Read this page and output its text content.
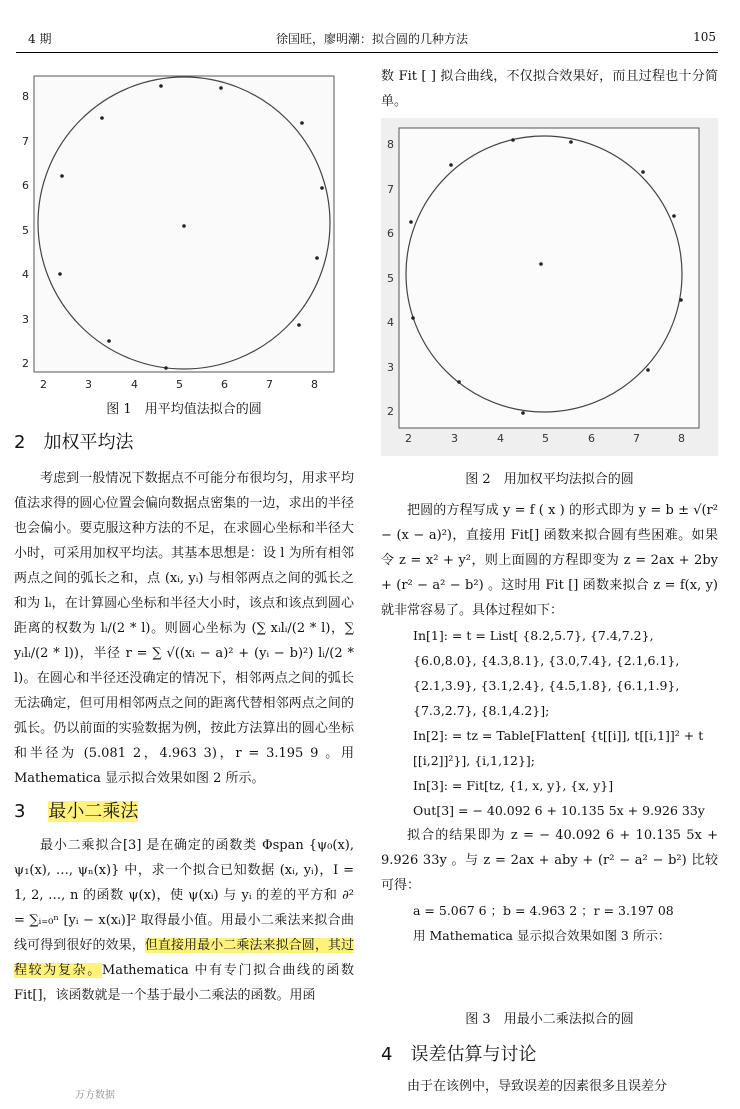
4 期	徐国旺，廖明潮：拟合圆的几种方法	105
8
7
6
5
4
3
2
2	3	4	5	6	7	8
图 1　用平均值法拟合的圆

2　加权平均法

考虑到一般情况下数据点不可能分布很均匀，用求平均值法求得的圆心位置会偏向数据点密集的一边，求出的半径也会偏小。要克服这种方法的不足，在求圆心坐标和半径大小时，可采用加权平均法。其基本思想是：设 l 为所有相邻两点之间的弧长之和，点 (xᵢ, yᵢ) 与相邻两点之间的弧长之和为 lᵢ，在计算圆心坐标和半径大小时，该点和该点到圆心距离的权数为 lᵢ/(2 * l)。则圆心坐标为 (∑ xᵢlᵢ/(2 * l)，∑ yᵢlᵢ/(2 * l))，半径 r = ∑ √((xᵢ − a)² + (yᵢ − b)²) lᵢ/(2 * l)。在圆心和半径还没确定的情况下，相邻两点之间的弧长无法确定，但可用相邻两点之间的距离代替相邻两点之间的弧长。仍以前面的实验数据为例，按此方法算出的圆心坐标和半径为 (5.081 2，4.963 3)，r = 3.195 9 。用 Mathematica 显示拟合效果如图 2 所示。

3 最小二乘法

最小二乘拟合[3] 是在确定的函数类 Φspan {ψ₀(x), ψ₁(x), …, ψₙ(x)} 中，求一个拟合已知数据 (xᵢ, yᵢ)，I = 1, 2, …, n 的函数 ψ(x)，使 ψ(xᵢ) 与 yᵢ 的差的平方和 ∂² = ∑ᵢ₌₀ⁿ [yᵢ − x(xᵢ)]² 取得最小值。用最小二乘法来拟合曲线可得到很好的效果，但直接用最小二乘法来拟合圆，其过程较为复杂。Mathematica 中有专门拟合曲线的函数 Fit[]，该函数就是一个基于最小二乘法的函数。用函

万方数据

数 Fit [ ] 拟合曲线，不仅拟合效果好，而且过程也十分简单。

8
7
6
5
4
3
2
2	3	4	5	6	7	8
图 2　用加权平均法拟合的圆

把圆的方程写成 y = f ( x ) 的形式即为 y = b ± √(r² − (x − a)²)，直接用 Fit[] 函数来拟合圆有些困难。如果令 z = x² + y²，则上面圆的方程即变为 z = 2ax + 2by + (r² − a² − b²) 。这时用 Fit [] 函数来拟合 z = f(x, y) 就非常容易了。具体过程如下：

In[1]: = t = List[ {8.2,5.7}, {7.4,7.2},

{6.0,8.0}, {4.3,8.1}, {3.0,7.4}, {2.1,6.1},

{2.1,3.9}, {3.1,2.4}, {4.5,1.8}, {6.1,1.9},

{7.3,2.7}, {8.1,4.2}];

In[2]: = tz = Table[Flatten[ {t[[i]], t[[i,1]]² + t

[[i,2]]²}], {i,1,12}];

In[3]: = Fit[tz, {1, x, y}, {x, y}]

Out[3] = − 40.092 6 + 10.135 5x + 9.926 33y

拟合的结果即为 z = − 40.092 6 + 10.135 5x + 9.926 33y 。与 z = 2ax + aby + (r² − a² − b²) 比较可得：

a = 5.067 6 ；b = 4.963 2 ；r = 3.197 08

用 Mathematica 显示拟合效果如图 3 所示：

图 3　用最小二乘法拟合的圆

4　误差估算与讨论

由于在该例中，导致误差的因素很多且误差分
